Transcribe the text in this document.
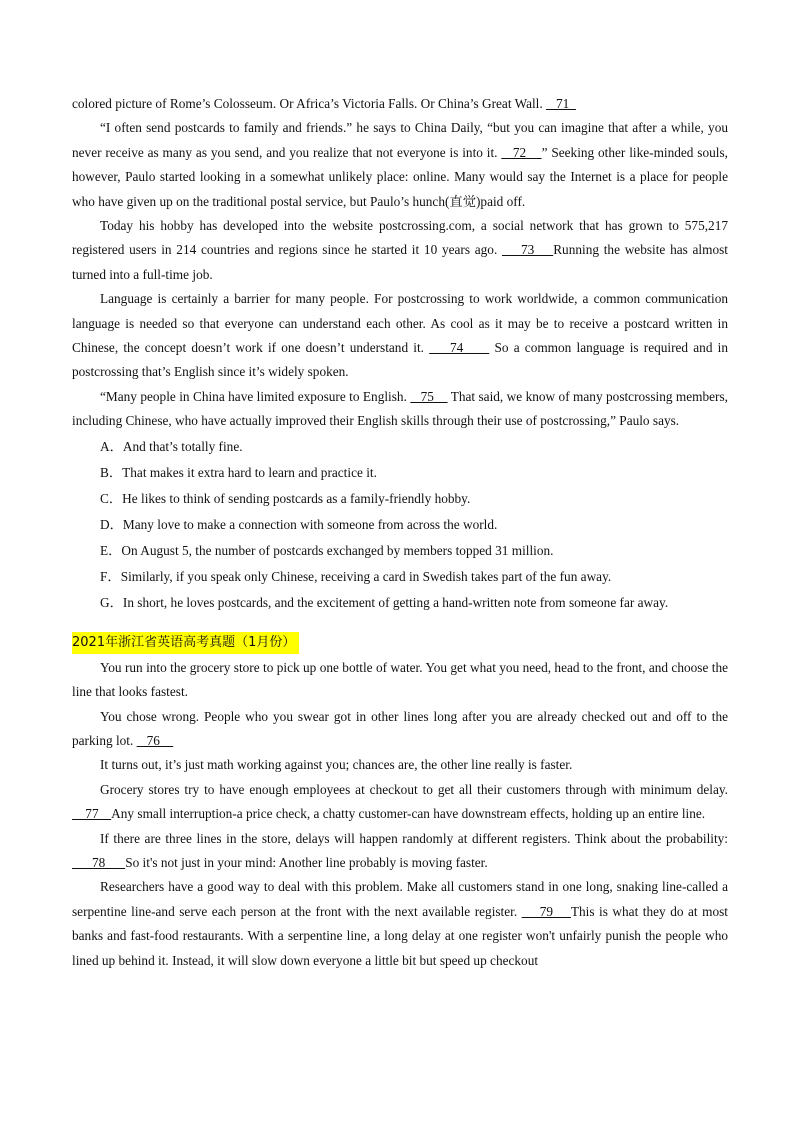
colored picture of Rome’s Colosseum. Or Africa’s Victoria Falls. Or China’s Great Wall.    71

“I often send postcards to family and friends.” he says to China Daily, “but you can imagine that after a while, you never receive as many as you send, and you realize that not everyone is into it.    72    ” Seeking other like-minded souls, however, Paulo started looking in a somewhat unlikely place: online. Many would say the Internet is a place for people who have given up on the traditional postal service, but Paulo’s hunch(直觉)paid off.

Today his hobby has developed into the website postcrossing.com, a social network that has grown to 575,217 registered users in 214 countries and regions since he started it 10 years ago.     73    Running the website has almost turned into a full-time job.

Language is certainly a barrier for many people. For postcrossing to work worldwide, a common communication language is needed so that everyone can understand each other. As cool as it may be to receive a postcard written in Chinese, the concept doesn’t work if one doesn’t understand it.     74      So a common language is required and in postcrossing that’s English since it’s widely spoken.

“Many people in China have limited exposure to English.    75     That said, we know of many postcrossing members, including Chinese, who have actually improved their English skills through their use of postcrossing,” Paulo says.

A．And that’s totally fine.

B．That makes it extra hard to learn and practice it.

C．He likes to think of sending postcards as a family-friendly hobby.

D．Many love to make a connection with someone from across the world.

E．On August 5, the number of postcards exchanged by members topped 31 million.

F．Similarly, if you speak only Chinese, receiving a card in Swedish takes part of the fun away.

G．In short, he loves postcards, and the excitement of getting a hand-written note from someone far away.

2021年浙江省英语高考真题（1月份）

You run into the grocery store to pick up one bottle of water. You get what you need, head to the front, and choose the line that looks fastest.

You chose wrong. People who you swear got in other lines long after you are already checked out and off to the parking lot.    76

It turns out, it’s just math working against you; chances are, the other line really is faster.

Grocery stores try to have enough employees at checkout to get all their customers through with minimum delay.     77    Any small interruption-a price check, a chatty customer-can have downstream effects, holding up an entire line.

If there are three lines in the store, delays will happen randomly at different registers. Think about the probability:      78      So it's not just in your mind: Another line probably is moving faster.

Researchers have a good way to deal with this problem. Make all customers stand in one long, snaking line-called a serpentine line-and serve each person at the front with the next available register.     79    This is what they do at most banks and fast-food restaurants. With a serpentine line, a long delay at one register won't unfairly punish the people who lined up behind it. Instead, it will slow down everyone a little bit but speed up checkout
